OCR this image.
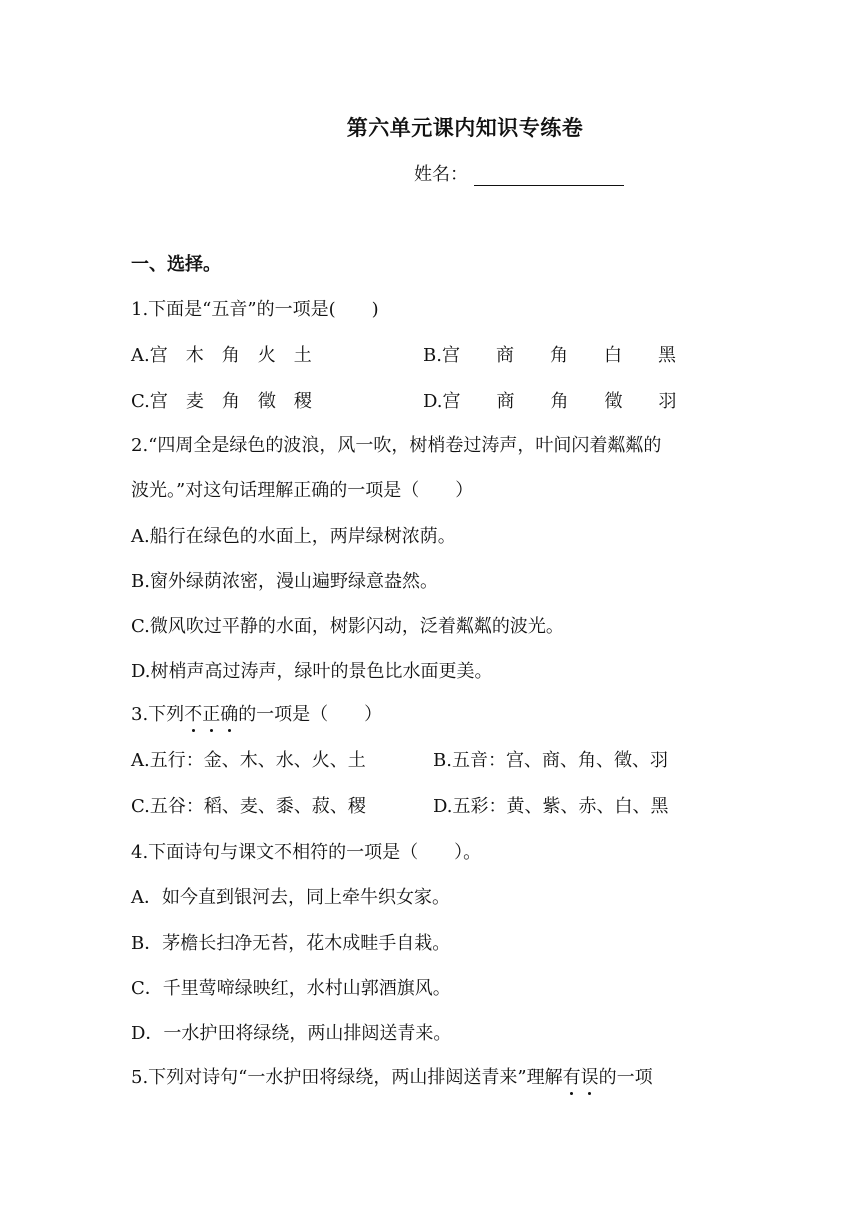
第六单元课内知识专练卷
姓名：
一、选择。
1.下面是“五音”的一项是(　　)
A.宫　木　角　火　土	B.宫　　商　　角　　白　　黑
C.宫　麦　角　徵　稷	D.宫　　商　　角　　徵　　羽
2.“四周全是绿色的波浪，风一吹，树梢卷过涛声，叶间闪着粼粼的
波光。”对这句话理解正确的一项是（　　）
A.船行在绿色的水面上，两岸绿树浓荫。
B.窗外绿荫浓密，漫山遍野绿意盎然。
C.微风吹过平静的水面，树影闪动，泛着粼粼的波光。
D.树梢声高过涛声，绿叶的景色比水面更美。
3.下列不正确的一项是（　　）
A.五行：金、木、水、火、土	B.五音：宫、商、角、徵、羽
C.五谷：稻、麦、黍、菽、稷	D.五彩：黄、紫、赤、白、黑
4.下面诗句与课文不相符的一项是（　　）。
A．如今直到银河去，同上牵牛织女家。
B．茅檐长扫净无苔，花木成畦手自栽。
C．千里莺啼绿映红，水村山郭酒旗风。
D．一水护田将绿绕，两山排闼送青来。
5.下列对诗句“一水护田将绿绕，两山排闼送青来”理解有误的一项
